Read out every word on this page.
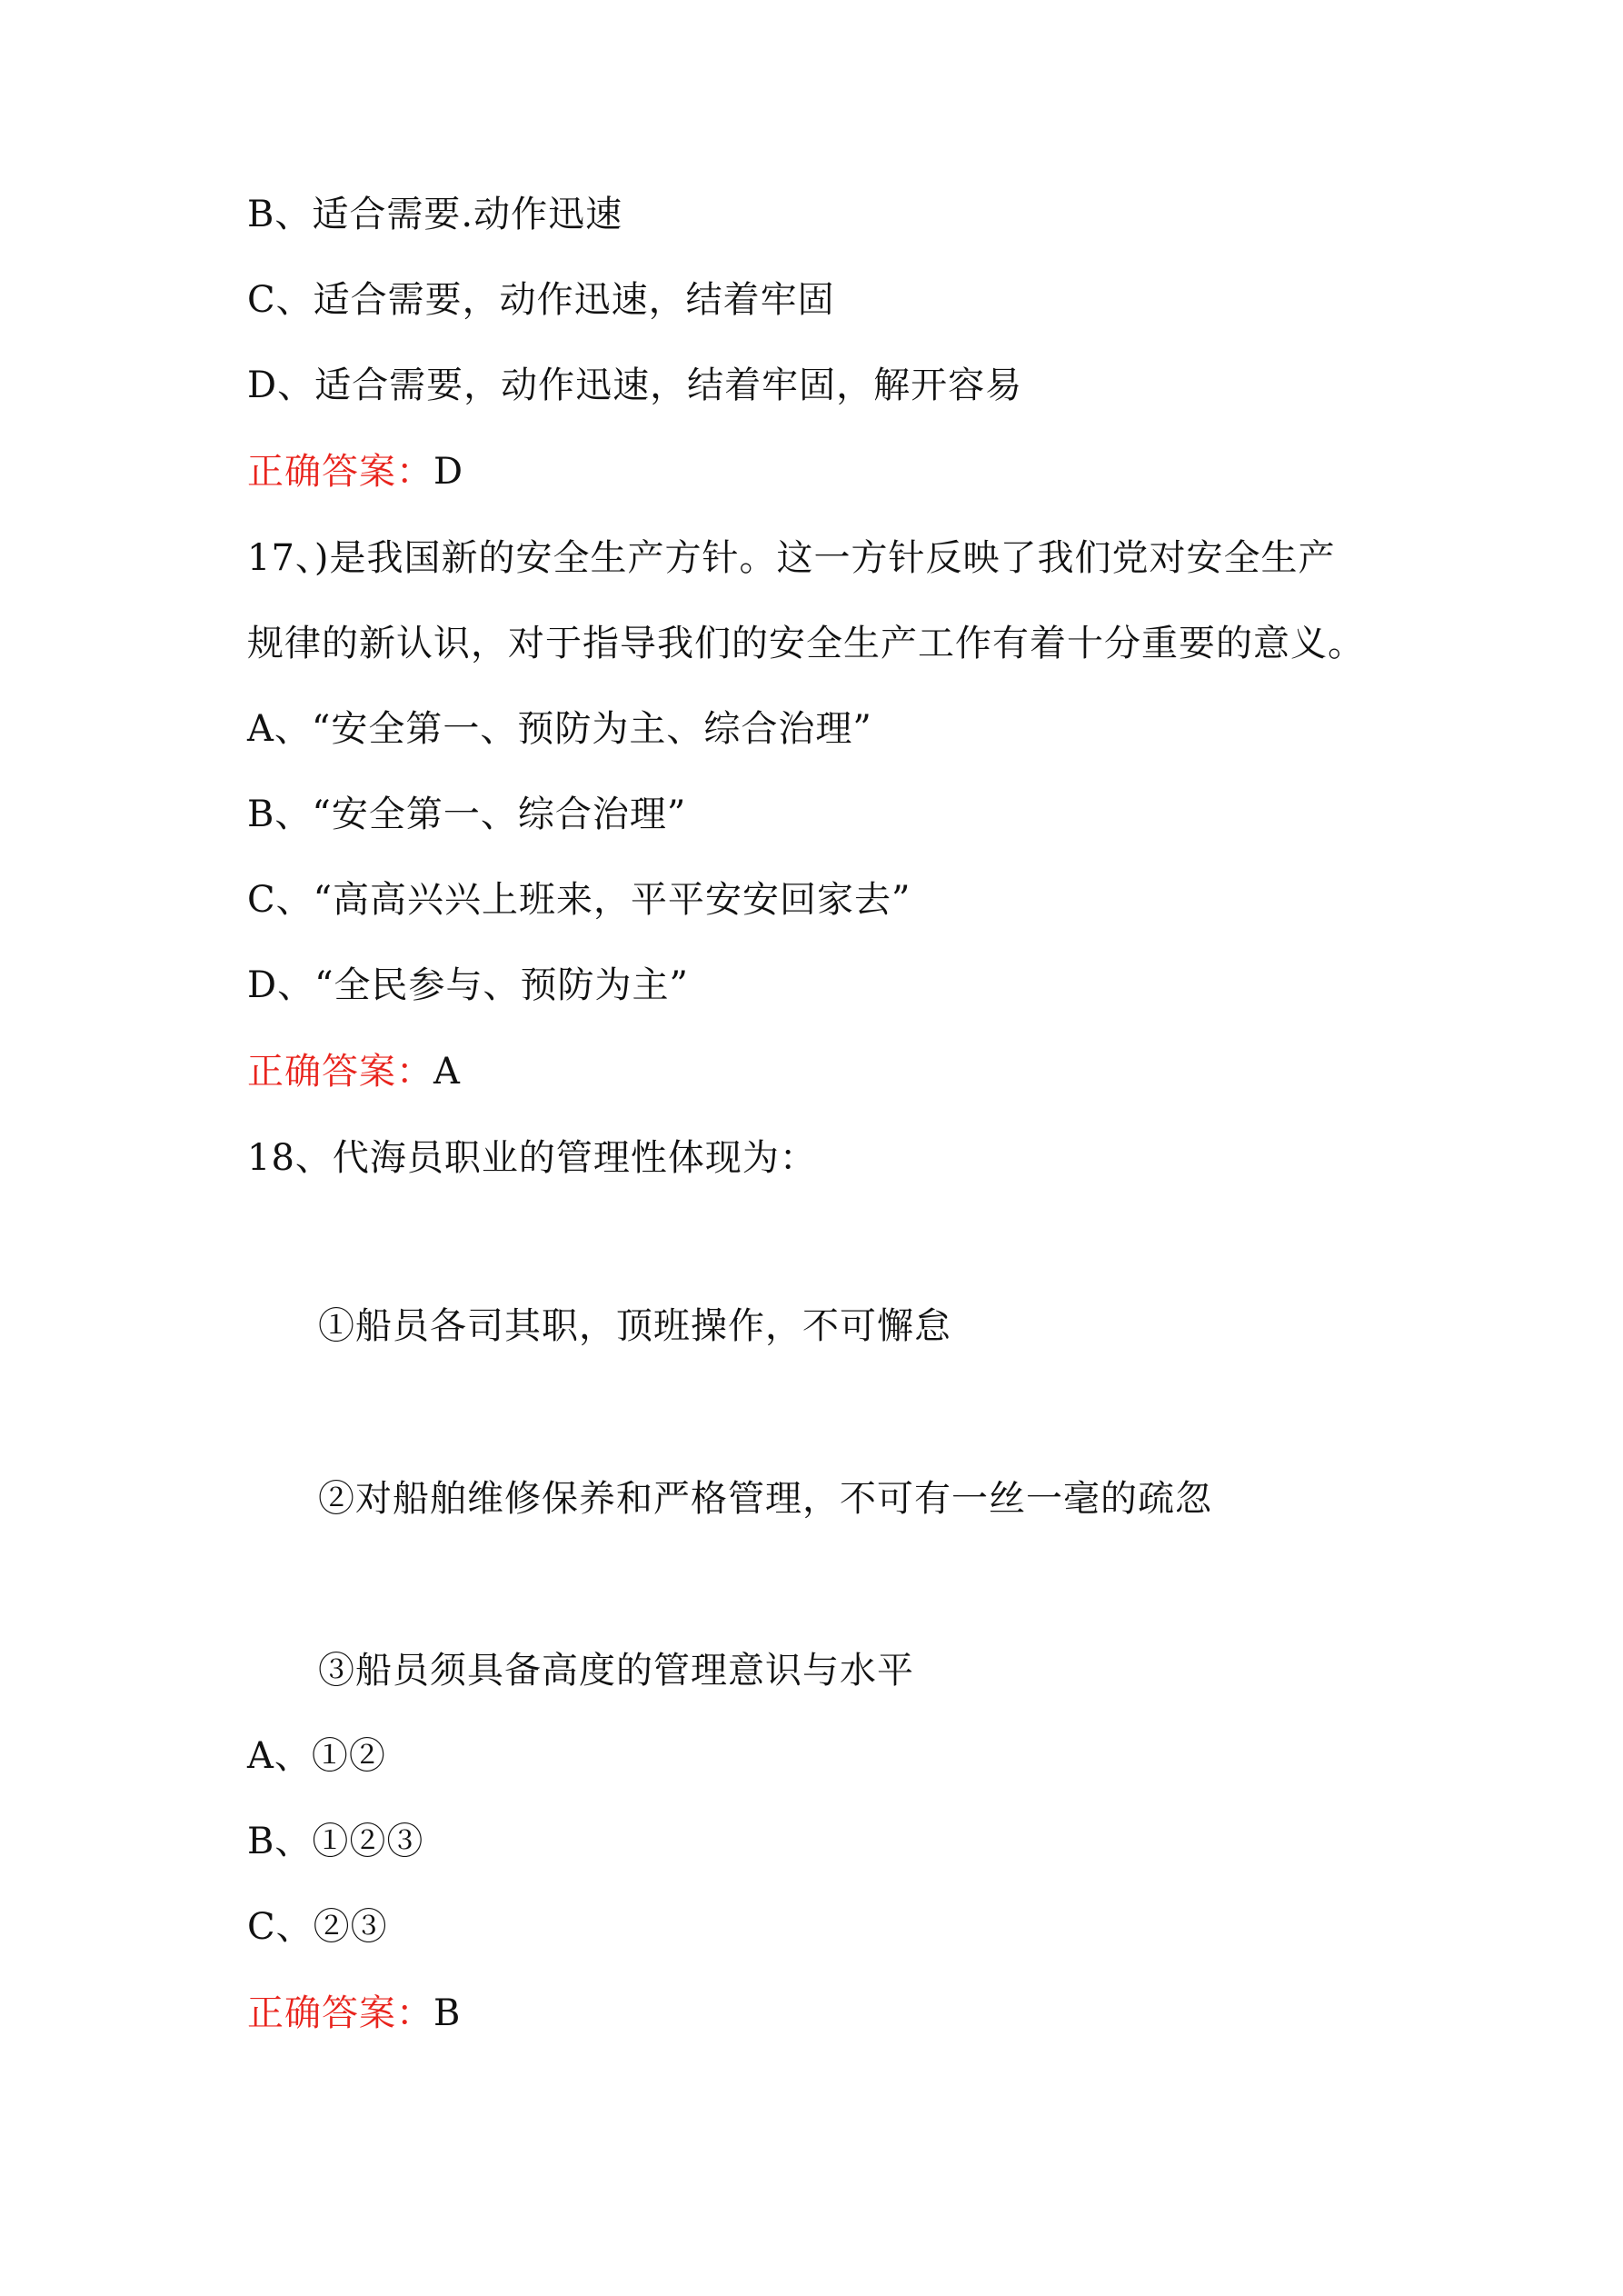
B、适合需要.动作迅速
C、适合需要，动作迅速，结着牢固
D、适合需要，动作迅速，结着牢固，解开容易
正确答案：D
17、)是我国新的安全生产方针。这一方针反映了我们党对安全生产
规律的新认识，对于指导我们的安全生产工作有着十分重要的意义。
A、“安全第一、预防为主、综合治理”
B、“安全第一、综合治理”
C、“高高兴兴上班来，平平安安回家去”
D、“全民参与、预防为主”
正确答案：A
18、代海员职业的管理性体现为：
①船员各司其职，顶班操作，不可懈怠
②对船舶维修保养和严格管理，不可有一丝一毫的疏忽
③船员须具备高度的管理意识与水平
A、①②
B、①②③
C、②③
正确答案：B
